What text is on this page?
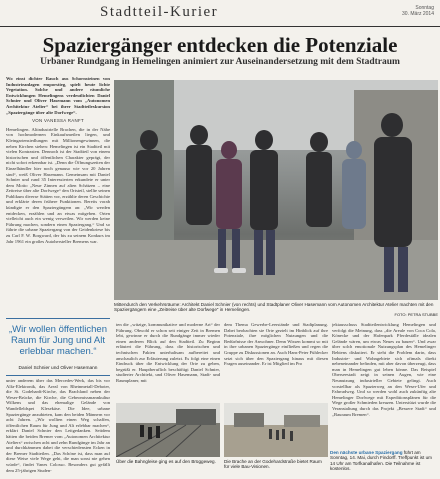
Stadtteil-Kurier	Sonntag
30. März 2014
Spaziergänger entdecken die Potenziale
Urbaner Rundgang in Hemelingen animiert zur Auseinandersetzung mit dem Stadtraum
Wo einst dichter Rauch aus Schornsteinen von Industrieanlagen emporstieg, spielt heute lichte Vegetation. Solche und andere räumliche Entwicklungen Hemelingens verdeutlichten Daniel Schnier und Oliver Hasemann vom „Autonomen Architektur Atelier“ bei ihrer Stadtteilexkursion „Spaziergänge über alte Dorfwege“.
VON VANESSA RANFT
Hemelingen. Altindustrielle Brachen, die in der Nähe von hochmodernen Einkaufsmeilen liegen, und Kleingartensiedlungen mit Millionengewinnen, die neben Kirchen stehen: Hemelingen ist ein Stadtteil mit vielen Kontrasten. Dennoch ist der Stadtteil von einem historischen und öffentlichen Charakter geprägt, der nicht sofort erkennbar ist. „Denn die Öffnungszeiten der Einzelhändler hier noch genauso wie vor 20 Jahren sind“, weiß Oliver Hasemann. Gemeinsam mit Daniel Schnier und rund 35 Interessierten erkundete er unter dem Motto „Neue Zinnen auf alten Schätzen – eine Zeitreise über alte Dorfwege“ den Ortsteil, stellte seinen Publikum diverse Stätten vor, erzählte deren Geschichte und erklärte deren frühere Funktionen. Bereits vorab kündigte er den Spaziergängern an: „Wir werden entdecken, erzählen und an etwas mitgeben. Orten vielleicht auch ein wenig verweilen. Wir werden keine Führung machen, sondern einen Spaziergang.“ Und so führte die urbane Spaziergang von der Geidenkriese bis zu Carl F. W. Borgward, der bis zu seinem Konkurs im Jahr 1961 ein großes Autohersteller Bremens war.
„Wir wollen öffentlichen Raum für Jung und Alt erlebbar machen.“
Daniel Schnier und Oliver Hasemann
unter anderem über das Mercedes-Werk, das bis vor Alfa-Elektronik, das Areal von Rheinmetall-Deboter, die St. Godehardt-Kirche, das Brachland neben der Weser-Brücke, die Kirche, die Gebeomissmannkultur Wilkens und das ehemalige Gelände von Wandelleldspet Klesekäse. Die Idee, urbane Spaziergänge anzubieten, kam den beiden Männern vor acht Jahren. „Wir wollten einen Weg schaffen, öffentlichen Raum für Jung und Alt erlebbar machen“, erklärt Daniel Schnier den Leitgedanken. Seitdem hätten die beiden Bremer vom „Autonomen Architektur Ateliers“ zwischen acht und zehn Rundgänge im Jahr an und durchkämmen dabei die verschiedensten Ecken in der Bremer Stadtteilen. „Das Schöne ist, dass man auf diese Weise viele Wege geht, die man sonst nie gehen würde“, findet Vanes Colosso. Besonders gut gefällt dem 25-jährigen Studen-
Mittendurch den Verkehrsräume: Architekt Daniel Schnier (von rechts) und Stadtplaner Oliver Hasemann vom Autonomen Architektur Atelier machten mit den Spaziergängern eine „Zeitreise über alte Dorfwege“ in Hemelingen.
FOTO: PETRA STUBBE
ten die „witzige, kommunikative und moderne Art“ der Führung. Obwohl er schon seit einiger Zeit in Bremen lebt, gewinne er durch die Rundgänge immer wieder einen anderen Blick auf den Stadtteil. Zu Beginn erläutert die Führung, dass die historischen und technischen Fakten unterhaltsam aufbereitet und anschaulich zur Erläuterung zuletzt. Es folgt eine einen Eindruck über die Entwicklung der Orte zu geben, begrüßt er. Hauptberuflich beschäftigt Daniel Schnier, studierter Architekt, und Oliver Hasemann, Stadt- und Raumplaner, mit
dem Thema Gewerbe-Leerstände und Stadtplanung. Dabei beobachten sie Orte gezielt im Hinblick auf ihre Potenziale, ihre möglichen Nutzungen und die Bedürfnisse der Anwohner. Denn Wissen kommt so mit in ihre urbanen Spaziergänge einfließen und regen die Gruppe zu Diskussionen an. Auch Hans-Peter Fühlecker setzt sich über den Spaziergang hinaus mit diesen Fragen auseinander. Er ist Mitglied im Pro
jektausschuss Stadtteilentwicklung Hemelingen und verfolgt die Meinung, dass „die Areale von Coca Cola, Könecke und der Hafenpark Pferdeställe idealen Gelände wären, um etwas Neues zu bauen“. Und zwar über solch emotionale Nutzungsplan des Hemelinger Bebiens diskutiert. Er sieht die Problem darin, dass Industrie- und Wohngebiete sich oftmals direkt nebeneinander befinden, mit aber davon überzeugt, dass man in Hemelingen gut leben könne. Das Beispiel Oberseestadt zeigt in seinen Augen, wie eine Neunutzung industrieller Gebiete gelingt. Auch vorstellbar als Spazierweg an den Weser-Ufer und Fahrradweg. Und so werden wohl auch zukünftig alte Hemelinger Dorfwege mit Expeditionsplänen für die Wege großer Schmieden kreuzen. Unterstützt wurde die Veranstaltung durch das Projekt „Bessere Stadt“ und „Bauraum Bremen“.
Über die Bahngleise ging es auf den Brüggeweg.	Die Brache an der Godehardstraße bietet Raum für viele Bau-Visionen.
Den nächste urbane Spaziergang führt am Sonntag, 14. Mai, durch Findorff. Treffpunkt ist um 14 Uhr am Torfkanalhafen. Die Teilnahme ist kostenlos.
